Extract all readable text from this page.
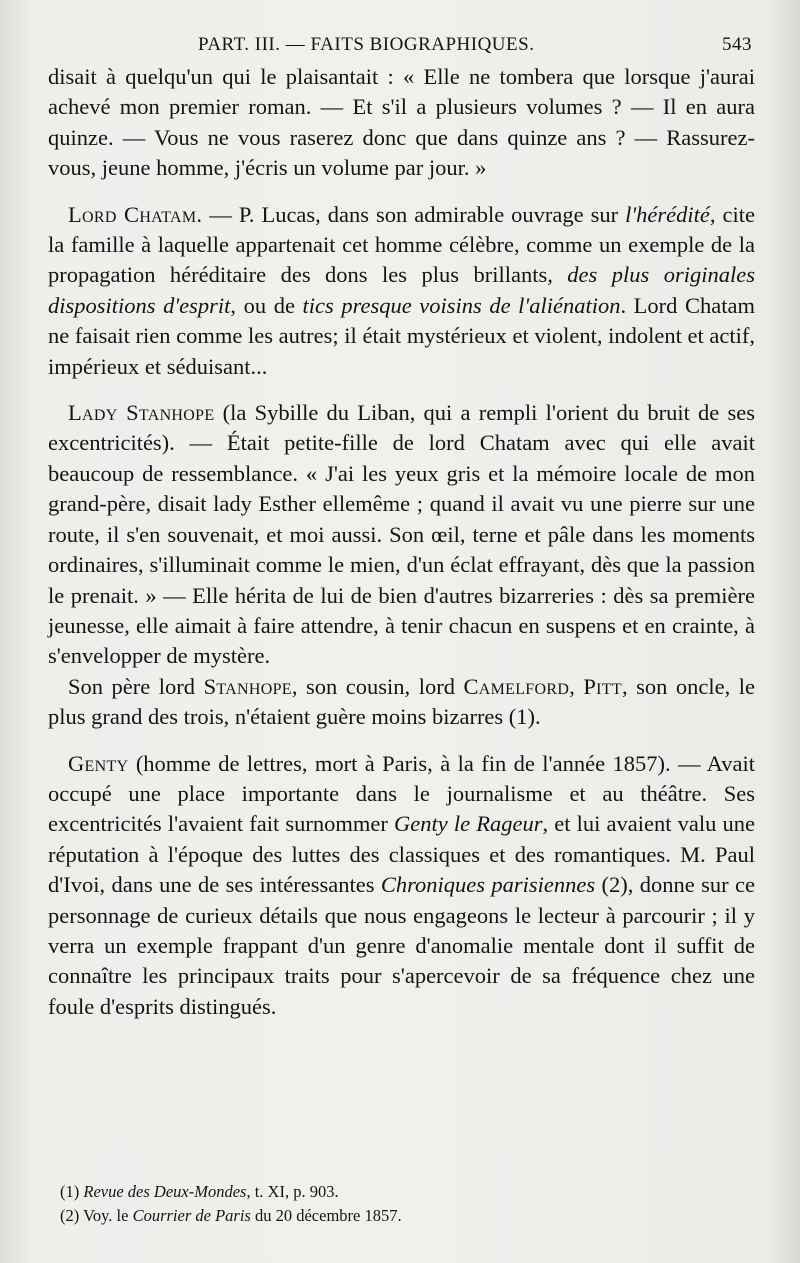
PART. III. — FAITS BIOGRAPHIQUES.	543

disait à quelqu'un qui le plaisantait : « Elle ne tombera que lorsque j'aurai achevé mon premier roman. — Et s'il a plusieurs volumes ? — Il en aura quinze. — Vous ne vous raserez donc que dans quinze ans ? — Rassurez-vous, jeune homme, j'écris un volume par jour. »

Lord Chatam. — P. Lucas, dans son admirable ouvrage sur l'hérédité, cite la famille à laquelle appartenait cet homme célèbre, comme un exemple de la propagation héréditaire des dons les plus brillants, des plus originales dispositions d'esprit, ou de tics presque voisins de l'aliénation. Lord Chatam ne faisait rien comme les autres; il était mystérieux et violent, indolent et actif, impérieux et séduisant...

Lady Stanhope (la Sybille du Liban, qui a rempli l'orient du bruit de ses excentricités). — Était petite-fille de lord Chatam avec qui elle avait beaucoup de ressemblance. « J'ai les yeux gris et la mémoire locale de mon grand-père, disait lady Esther ellemême ; quand il avait vu une pierre sur une route, il s'en souvenait, et moi aussi. Son œil, terne et pâle dans les moments ordinaires, s'illuminait comme le mien, d'un éclat effrayant, dès que la passion le prenait. » — Elle hérita de lui de bien d'autres bizarreries : dès sa première jeunesse, elle aimait à faire attendre, à tenir chacun en suspens et en crainte, à s'envelopper de mystère.

Son père lord Stanhope, son cousin, lord Camelford, Pitt, son oncle, le plus grand des trois, n'étaient guère moins bizarres (1).

Genty (homme de lettres, mort à Paris, à la fin de l'année 1857). — Avait occupé une place importante dans le journalisme et au théâtre. Ses excentricités l'avaient fait surnommer Genty le Rageur, et lui avaient valu une réputation à l'époque des luttes des classiques et des romantiques. M. Paul d'Ivoi, dans une de ses intéressantes Chroniques parisiennes (2), donne sur ce personnage de curieux détails que nous engageons le lecteur à parcourir ; il y verra un exemple frappant d'un genre d'anomalie mentale dont il suffit de connaître les principaux traits pour s'apercevoir de sa fréquence chez une foule d'esprits distingués.

(1) Revue des Deux-Mondes, t. XI, p. 903.

(2) Voy. le Courrier de Paris du 20 décembre 1857.
